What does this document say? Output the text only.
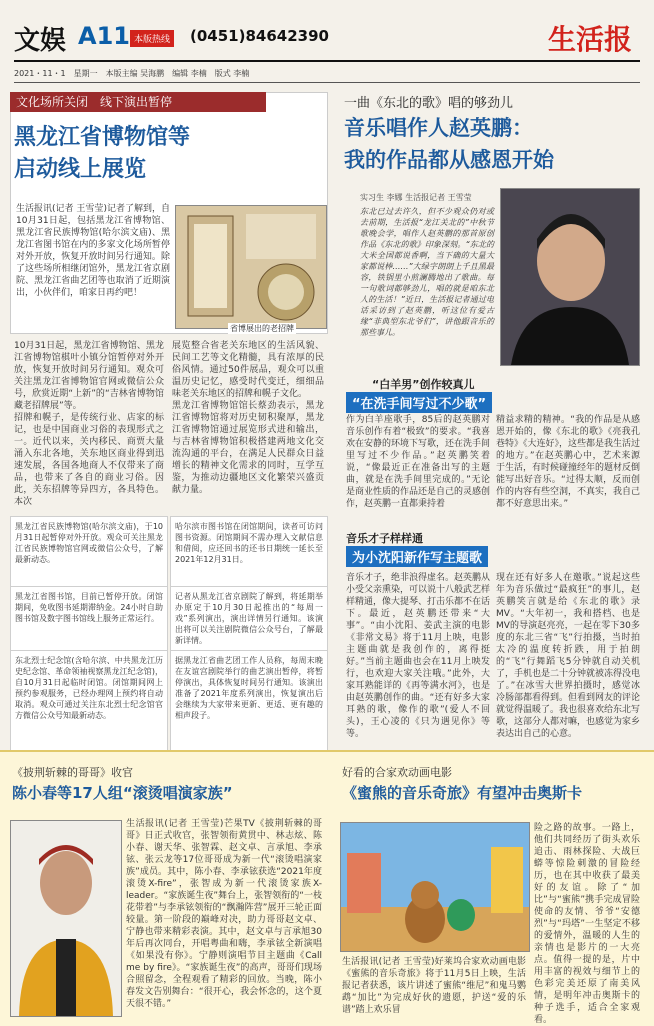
文娱 A11 本版热线 (0451)84642390	生活报
2021・11・1　星期一　本版主编 吴海鹏　编辑 李楠　版式 李楠
文化场所关闭　线下演出暂停
黑龙江省博物馆等
启动线上展览
生活报讯(记者 王雪莹)记者了解到，自10月31日起，包括黑龙江省博物馆、黑龙江省民族博物馆(哈尔滨文庙)、黑龙江省图书馆在内的多家文化场所暂停对外开放，恢复开放时间另行通知。除了这些场所相继闭馆外，黑龙江省京剧院、黑龙江省曲艺团等也取消了近期演出，小伙伴们，咱家日再约吧！
省博展出的老招牌
10月31日起，黑龙江省博物馆、黑龙江省博物馆棋叶小镇分馆暂停对外开放，恢复开放时间另行通知。观众可关注黑龙江省博物馆官网或微信公众号，欣赏近期“上新”的“吉林省博物馆藏老招牌展”等。
招牌和幌子，是传统行业、店家的标记，也是中国商业习俗的表现形式之一。近代以来，关内移民、商贾大量涌入东北各地，关东地区商业得到迅速发展，各国各地商人不仅带来了商品，也带来了各自的商业习俗。因此，关东招牌等异四方，各具特色。本次
展览整合省老关东地区的生活风貌、民间工艺等文化精髓，具有浓厚的民俗风情。通过50件展品，观众可以重温历史记忆，感受时代变迁，细细品味老关东地区的招牌和幌子文化。
黑龙江省博物馆馆长蔡劲表示，黑龙江省博物馆将对历史韧积聚厚，黑龙江省博物馆通过展览形式进和输出，与吉林省博物馆积极搭建两地文化交流沟通的平台，在满足人民群众日益增长的精神文化需求的同时，互学互鉴，为推动边疆地区文化繁荣兴盛贡献力量。
黑龙江省民族博物馆(哈尔滨文庙)，于10月31日起暂停对外开放。观众可关注黑龙江省民族博物馆官网或微信公众号，了解最新动态。
哈尔滨市图书馆在闭馆期间，读者可访问图书资源。闭馆期间不需办理入文献信息和借阅，应还回书的还书日期统一延长至2021年12月31日。
黑龙江省图书馆，目前已暂停开放。闭馆期间，免收图书延期滞纳金。24小时自助图书馆及数字图书馆线上服务正常运行。
记者从黑龙江省京剧院了解到，将延期举办原定于10月30日起推出的“每周一戏”系列演出，演出详情另行通知。该演出将可以关注剧院微信公众号台，了解最新详情。
东北烈士纪念馆(含哈尔滨、中共黑龙江历史纪念馆、革命领袖视察黑龙江纪念馆)，自10月31日起临时闭馆。闭馆期间网上预约参观服务，已经办理网上预约将自动取消。观众可通过关注东北烈士纪念馆官方微信公众号知最新动态。
据黑龙江省曲艺团工作人员称，每周末晚在友谊宫剧院举行的曲艺演出暂停，将暂停演出，具体恢复时间另行通知。该演出准备了2021年度系列演出，恢复演出后会继续为大家带来更新、更适、更有趣的相声段子。
一曲《东北的歌》唱的够劲儿
音乐唱作人赵英鹏：
我的作品都从感恩开始
实习生 李娜 生活报记者 王雪莹
东北已过去许久，但不少观众仍对或去前期，生活报“龙江关北的”中秋节歌晚会学，唱作人赵英鹏的那首原创作品《东北的歌》印象深刻。“东北的大米全国都说香啊，当下确的大量大家都说棒……”大绿字朗朗上千且黑最容，铁锅里小煎澜腾地出了歌曲。每一句歌词都够劲儿，唱的就是咱东北人的生活！”近日，生活报记者通过电话采访到了赵英鹏，听这位有爱古缘“非典型东北爷们”，讲他跟音乐的那些事儿。
“白羊男”创作较真儿
“在洗手间写过不少歌”
作为白羊座歌手，85后的赵英鹏对音乐创作有着“极致”的要求。“我喜欢在安静的环境下写歌，还在洗手间里写过不少作品。”赵英鹏笑着说，“像最近正在准备出写的主题曲，就是在洗手间里完成的。”无论是商业性质的作品还是自己的灵感创作，赵英鹏一直都秉持着
精益求精的精神。“我的作品是从感恩开始的，像《东北的歌》《亮我孔巷特》《大连好》，这些都是我生活过的地方。”在赵英鹏心中，艺术来源于生活，有时候碰撞经年的题材反倒能写出好音乐。“过得太顺，反而创作的内容有些空洞，不真实，我自己都不好意思出来。”
音乐才子样样通
为小沈阳新作写主题歌
音乐才子，绝非浪得虚名。赵英鹏从小受父亲熏染，可以说十八般武艺样样精通，像大提琴、打击乐都不在话下。最近，赵英鹏还带来“大事”。“由小沈阳、姜武主演的电影《非常文易》将于11月上映，电影主题曲就是我创作的，离得挺好。”当前主题曲也会在11月上映发行，也欢迎大家关注哦。”此外，大家耳熟能详的《再等满水河》，也是由赵英鹏创作的曲。“还有好多大家耳熟的歌，像作的歌”(爱人不回头)，王心凌的《只为遇见你》等等。
现在还有好多人在邀歌。”说起这些年为音乐做过“最疯狂”的事儿，赵英鹏笑言就是给《东北的歌》录MV。“大年初一，我和搭档、也是MV的导演赵亮亮，一起在零下30多度的东北三省“飞”行拍摄，当时拍太冷的温度转折跌，用于拍朗的“飞”行舞蹈飞5分钟就自动关机了，手机也是二十分钟就被冻得没电了。”在冰雪大世界拍摄时，感觉冰冷肠部都看得到。但看到网友的评论就觉得温暖了。我也很喜欢给东北写歌，这部分人都对嘛，也感觉为家乡表达出自己的心意。
《披荆斩棘的哥哥》收官
陈小春等17人组“滚烫唱演家族”
生活报讯(记者 王雪莹)芒果TV《披荆斩棘的哥哥》日正式收官，张智领衔黄贯中、林志炫、陈小春、谢天华、张智霖、赵文卓、言承旭、李承铉、张云龙等17位哥哥成为新一代“滚烫唱演家族”成员。其中，陈小春、李承铉获选“2021年度滚烫X-fire”，张智成为新一代滚烫家族X-leader。“家族诞生夜”舞台上，张智领衔的“一枝花带着”与李承铉领衔的“飘瀚阵营”展开三轮正面较量。第一阶段的巅峰对决，助力哥哥赵文卓、宁静也带来精彩表演。其中，赵文卓与言承旭30年后再次同台，开唱粤曲和嗨，李承铉全新演唱《如果没有你》。宁静则演唱节目主题曲《Call me by fire》。“家族诞生夜”的高声，哥哥们现场合照留念，全程观看了精彩的回放。当晚，陈小春发文告别舞台：“很开心，我会怀念的，这个夏天很不错。”
好看的合家欢动画电影
《蜜熊的音乐奇旅》有望冲击奥斯卡
生活报讯(记者 王雪莹)好莱坞合家欢动画电影《蜜熊的音乐奇旅》将于11月5日上映，生活报记者获悉，该片讲述了蜜熊“维尼”和鬼马鹦鹉“加比”为完成好伙的遗愿，护送“爱的乐谱”踏上欢乐冒
险之路的故事。一路上，他们共同经历了街头欢乐追击、雨林探险、大战巨蟒等惊险刺激的冒险经历，也在其中收获了最美好的友谊。除了“加比”与“蜜熊”携手完成冒险使命的友情、爷爷“安德烈”与“玛塔”一生坚定不移的爱情外，温暖的人生的亲情也是影片的一大亮点。值得一提的是，片中用丰富的视效与细节上的色彩完美还原了南美风情，是明年冲击奥斯卡的种子选手，适合全家观看。
